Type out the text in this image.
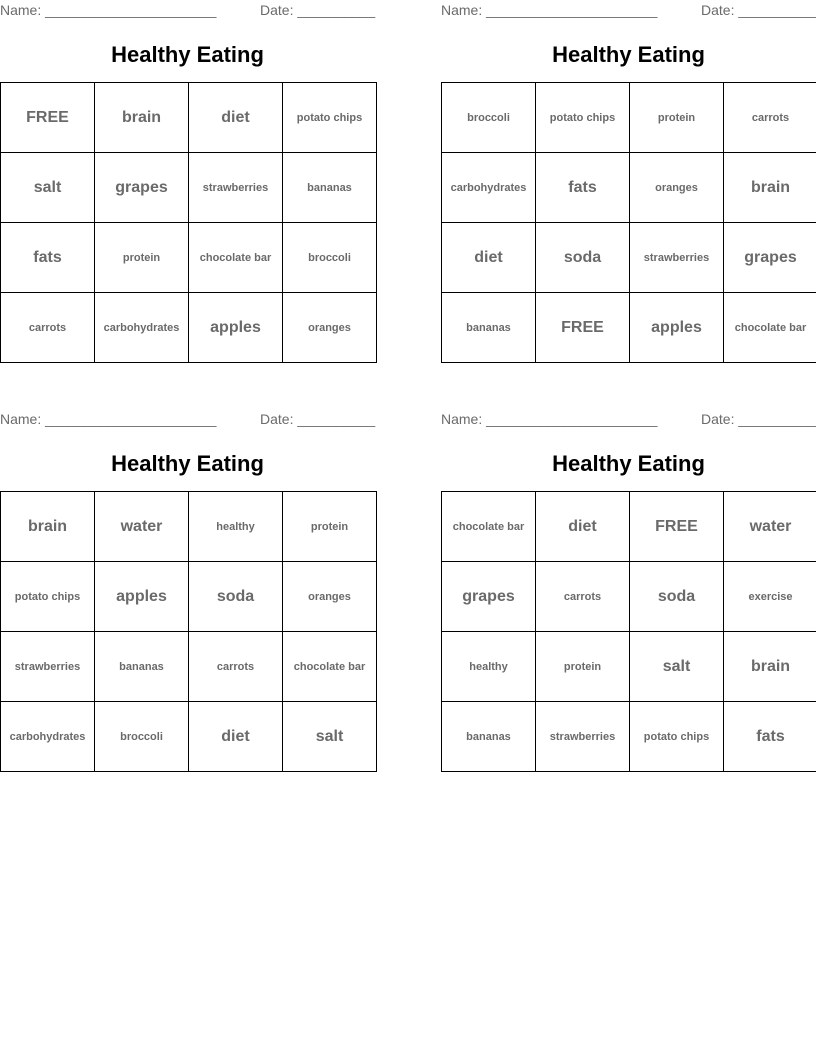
Name: ______________________	Date: __________
Healthy Eating
FREE	brain	diet	potato chips
salt	grapes	strawberries	bananas
fats	protein	chocolate bar	broccoli
carrots	carbohydrates	apples	oranges
Name: ______________________	Date: __________
Healthy Eating
broccoli	potato chips	protein	carrots
carbohydrates	fats	oranges	brain
diet	soda	strawberries	grapes
bananas	FREE	apples	chocolate bar
Name: ______________________	Date: __________
Healthy Eating
brain	water	healthy	protein
potato chips	apples	soda	oranges
strawberries	bananas	carrots	chocolate bar
carbohydrates	broccoli	diet	salt
Name: ______________________	Date: __________
Healthy Eating
chocolate bar	diet	FREE	water
grapes	carrots	soda	exercise
healthy	protein	salt	brain
bananas	strawberries	potato chips	fats
